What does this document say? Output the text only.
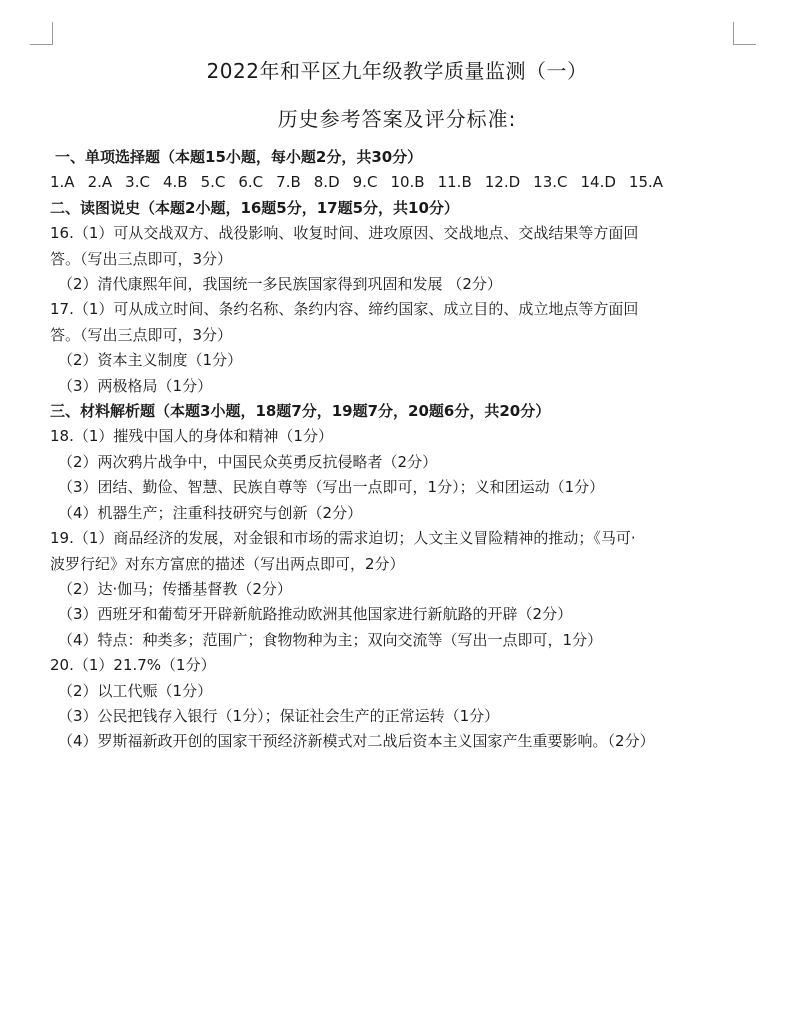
2022年和平区九年级教学质量监测（一）
历史参考答案及评分标准:
一、单项选择题（本题15小题，每小题2分，共30分）
1.A 2.A 3.C 4.B 5.C 6.C 7.B 8.D 9.C 10.B 11.B 12.D 13.C 14.D 15.A
二、读图说史（本题2小题，16题5分，17题5分，共10分）
16.（1）可从交战双方、战役影响、收复时间、进攻原因、交战地点、交战结果等方面回
答。（写出三点即可，3分）
（2）清代康熙年间，我国统一多民族国家得到巩固和发展 （2分）
17.（1）可从成立时间、条约名称、条约内容、缔约国家、成立目的、成立地点等方面回
答。（写出三点即可，3分）
（2）资本主义制度（1分）
（3）两极格局（1分）
三、材料解析题（本题3小题，18题7分，19题7分，20题6分，共20分）
18.（1）摧残中国人的身体和精神（1分）
（2）两次鸦片战争中，中国民众英勇反抗侵略者（2分）
（3）团结、勤俭、智慧、民族自尊等（写出一点即可，1分）；义和团运动（1分）
（4）机器生产；注重科技研究与创新（2分）
19.（1）商品经济的发展，对金银和市场的需求迫切；人文主义冒险精神的推动；《马可·
波罗行纪》对东方富庶的描述（写出两点即可，2分）
（2）达·伽马；传播基督教（2分）
（3）西班牙和葡萄牙开辟新航路推动欧洲其他国家进行新航路的开辟（2分）
（4）特点：种类多；范围广；食物物种为主；双向交流等（写出一点即可，1分）
20.（1）21.7%（1分）
（2）以工代赈（1分）
（3）公民把钱存入银行（1分）；保证社会生产的正常运转（1分）
（4）罗斯福新政开创的国家干预经济新模式对二战后资本主义国家产生重要影响。（2分）
